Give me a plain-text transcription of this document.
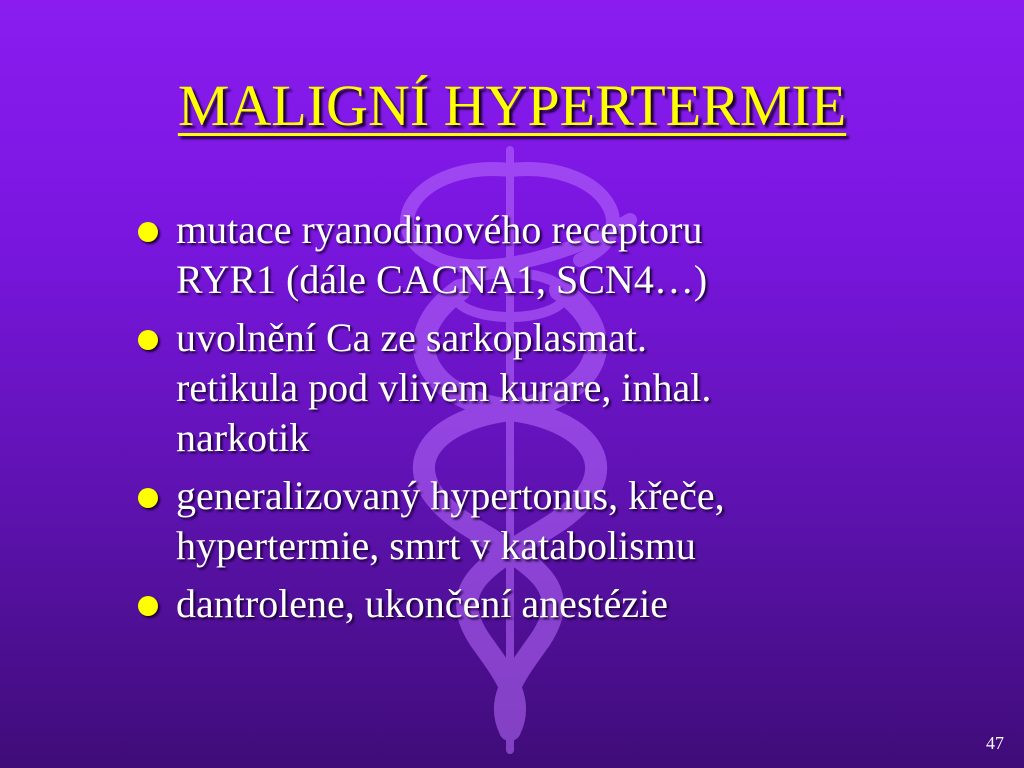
MALIGNÍ HYPERTERMIE
mutace ryanodinového receptoru
RYR1 (dále CACNA1, SCN4…)
uvolnění Ca ze sarkoplasmat.
retikula pod vlivem kurare, inhal.
narkotik
generalizovaný hypertonus, křeče,
hypertermie, smrt v katabolismu
dantrolene, ukončení anestézie
47
